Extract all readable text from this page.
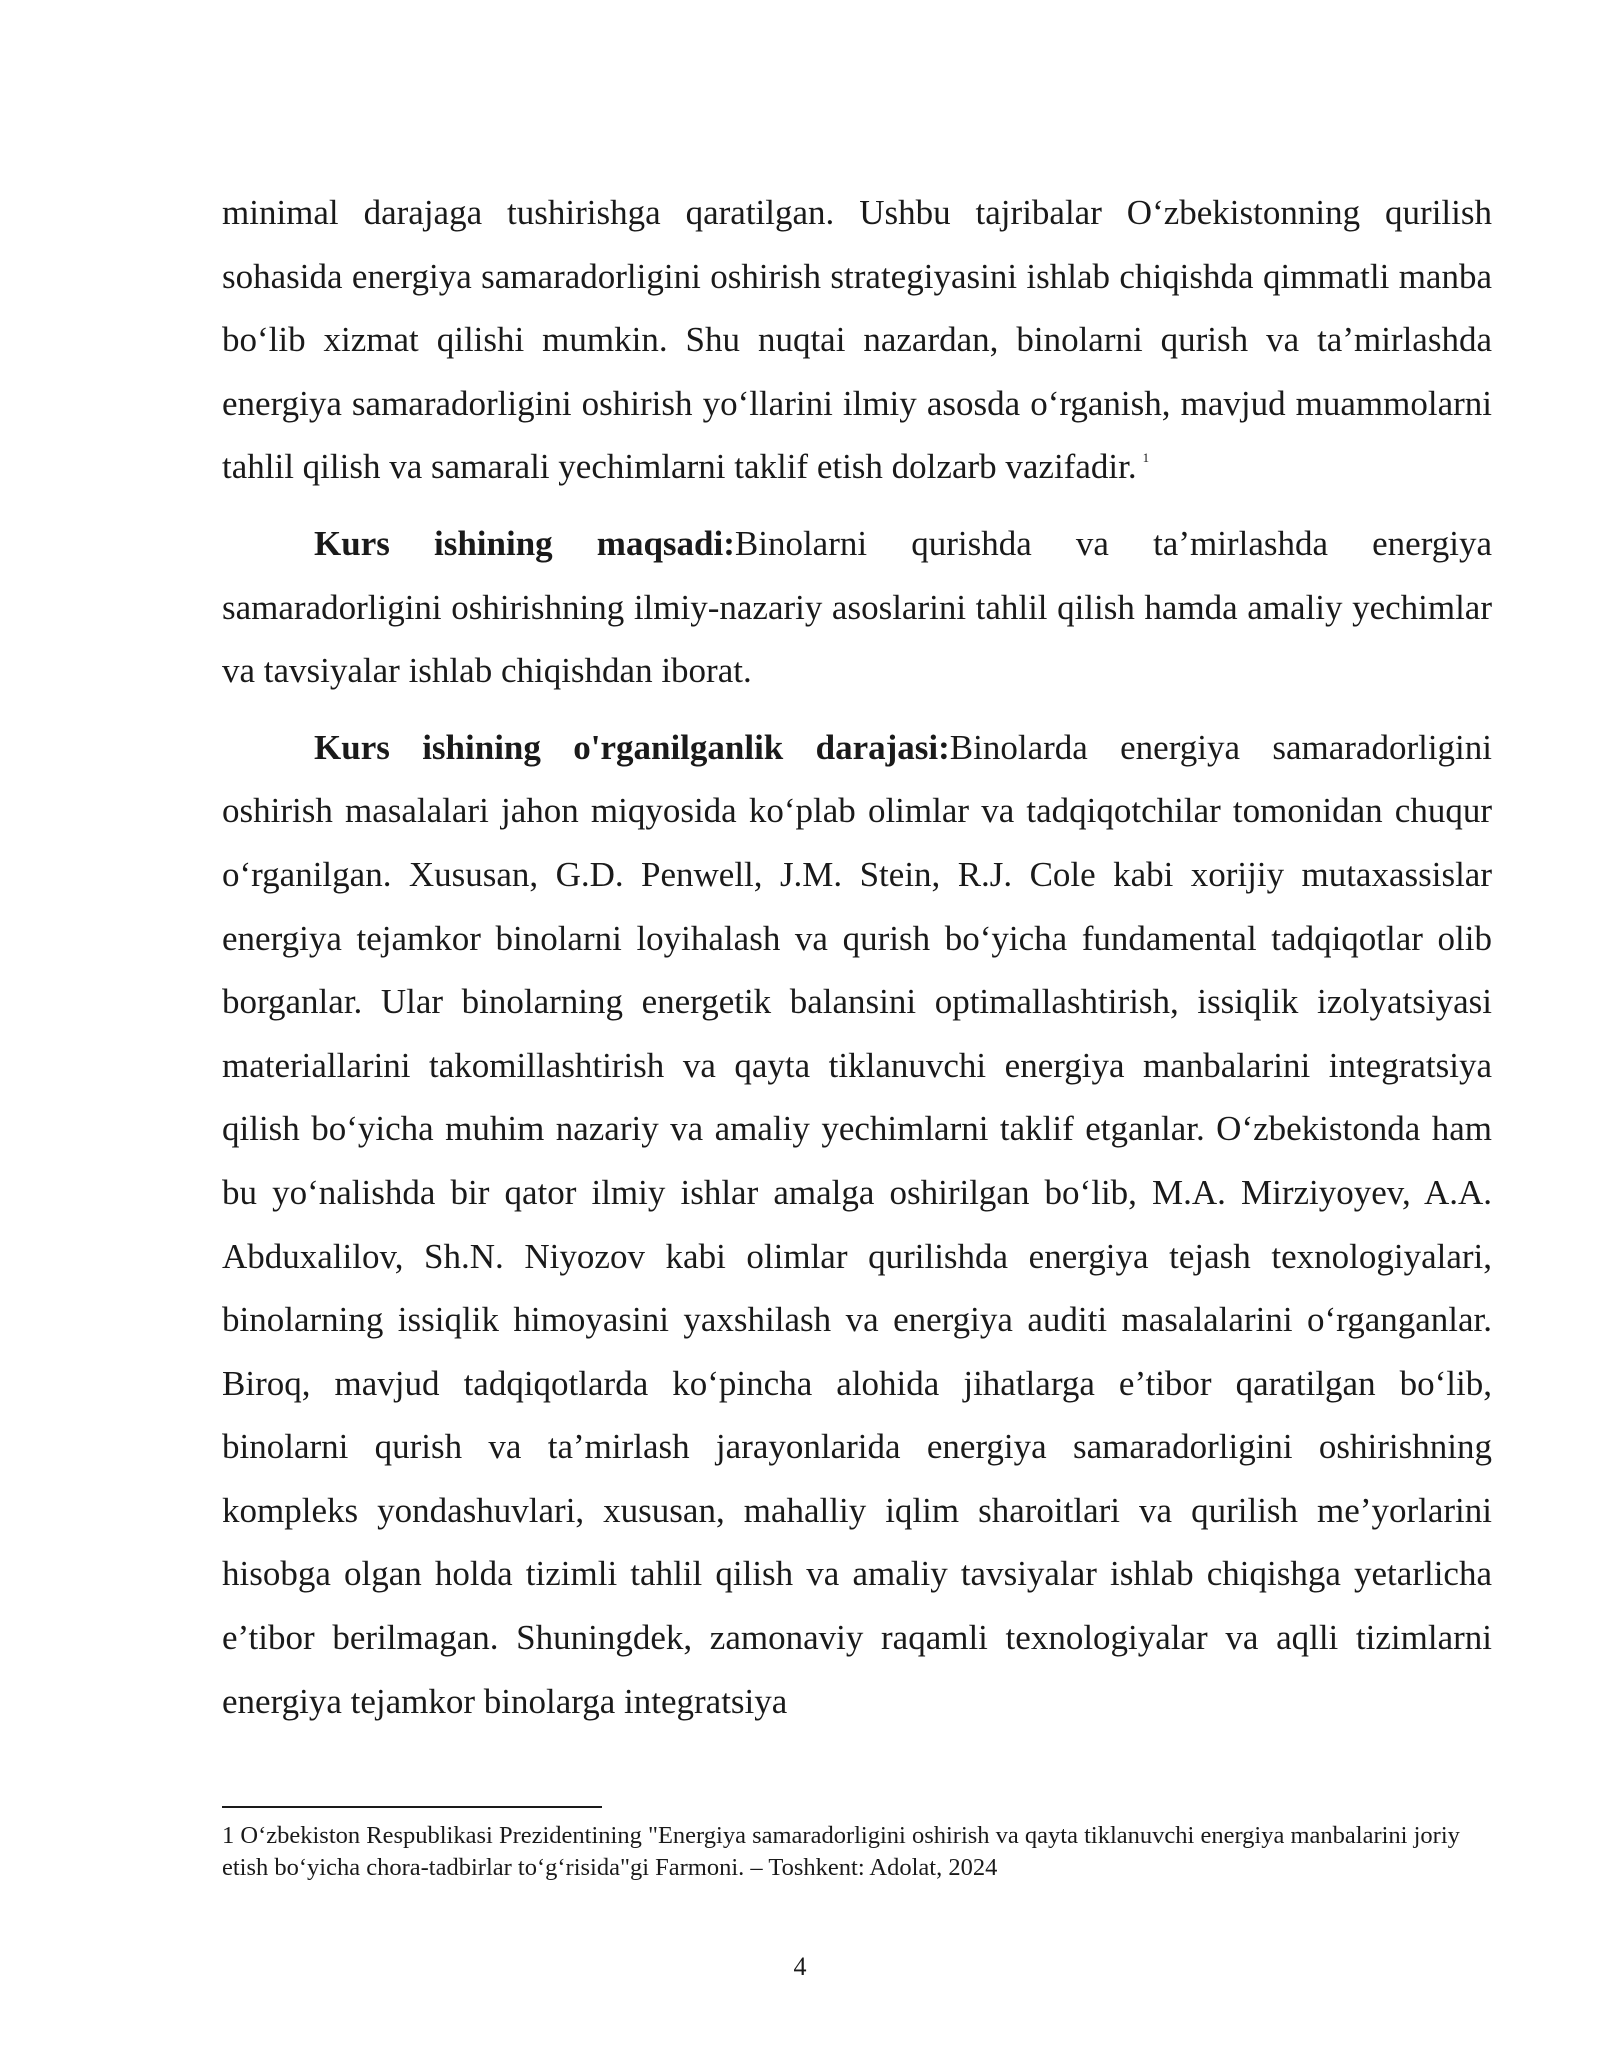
minimal darajaga tushirishga qaratilgan. Ushbu tajribalar O‘zbekistonning qurilish sohasida energiya samaradorligini oshirish strategiyasini ishlab chiqishda qimmatli manba bo‘lib xizmat qilishi mumkin. Shu nuqtai nazardan, binolarni qurish va ta’mirlashda energiya samaradorligini oshirish yo‘llarini ilmiy asosda o‘rganish, mavjud muammolarni tahlil qilish va samarali yechimlarni taklif etish dolzarb vazifadir. $^1$

Kurs ishining maqsadi:Binolarni qurishda va ta’mirlashda energiya samaradorligini oshirishning ilmiy-nazariy asoslarini tahlil qilish hamda amaliy yechimlar va tavsiyalar ishlab chiqishdan iborat.

Kurs ishining o'rganilganlik darajasi:Binolarda energiya samaradorligini oshirish masalalari jahon miqyosida ko‘plab olimlar va tadqiqotchilar tomonidan chuqur o‘rganilgan. Xususan, G.D. Penwell, J.M. Stein, R.J. Cole kabi xorijiy mutaxassislar energiya tejamkor binolarni loyihalash va qurish bo‘yicha fundamental tadqiqotlar olib borganlar. Ular binolarning energetik balansini optimallashtirish, issiqlik izolyatsiyasi materiallarini takomillashtirish va qayta tiklanuvchi energiya manbalarini integratsiya qilish bo‘yicha muhim nazariy va amaliy yechimlarni taklif etganlar. O‘zbekistonda ham bu yo‘nalishda bir qator ilmiy ishlar amalga oshirilgan bo‘lib, M.A. Mirziyoyev, A.A. Abduxalilov, Sh.N. Niyozov kabi olimlar qurilishda energiya tejash texnologiyalari, binolarning issiqlik himoyasini yaxshilash va energiya auditi masalalarini o‘rganganlar. Biroq, mavjud tadqiqotlarda ko‘pincha alohida jihatlarga e’tibor qaratilgan bo‘lib, binolarni qurish va ta’mirlash jarayonlarida energiya samaradorligini oshirishning kompleks yondashuvlari, xususan, mahalliy iqlim sharoitlari va qurilish me’yorlarini hisobga olgan holda tizimli tahlil qilish va amaliy tavsiyalar ishlab chiqishga yetarlicha e’tibor berilmagan. Shuningdek, zamonaviy raqamli texnologiyalar va aqlli tizimlarni energiya tejamkor binolarga integratsiya

1 O‘zbekiston Respublikasi Prezidentining "Energiya samaradorligini oshirish va qayta tiklanuvchi energiya manbalarini joriy etish bo‘yicha chora-tadbirlar to‘g‘risida"gi Farmoni. – Toshkent: Adolat, 2024
4
